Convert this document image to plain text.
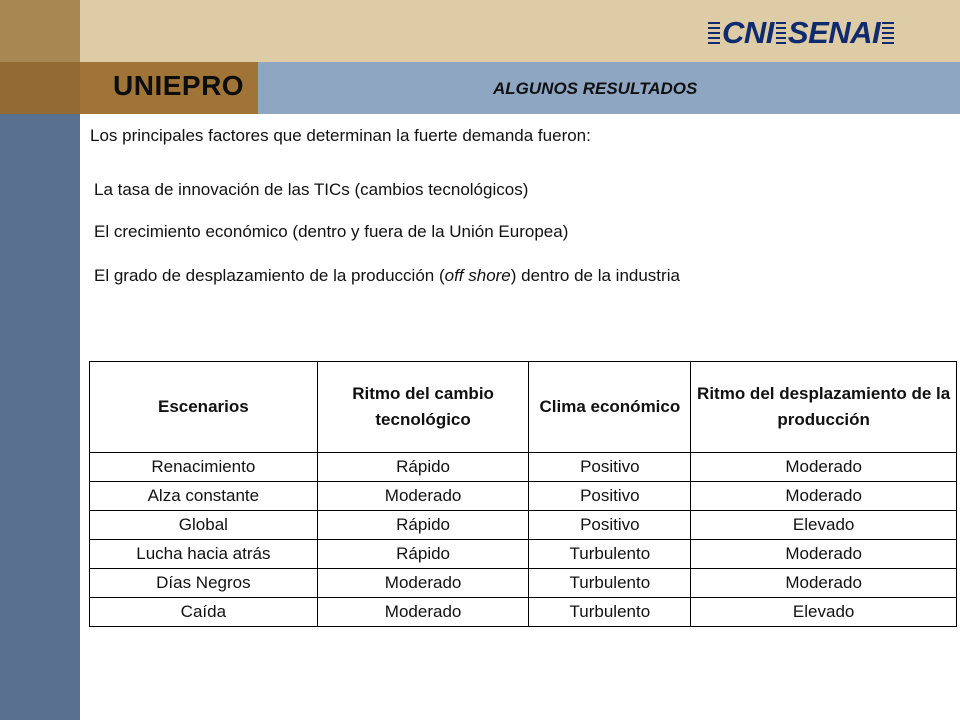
CNI SENAI
UNIEPRO	ALGUNOS RESULTADOS
Los principales factores que determinan la fuerte demanda fueron:
La tasa de innovación de las TICs (cambios tecnológicos)
El crecimiento económico (dentro y fuera de la Unión Europea)
El grado de desplazamiento de la producción (off shore) dentro de la industria
Escenarios	Ritmo del cambio tecnológico	Clima económico	Ritmo del desplazamiento de la producción
Renacimiento	Rápido	Positivo	Moderado
Alza constante	Moderado	Positivo	Moderado
Global	Rápido	Positivo	Elevado
Lucha hacia atrás	Rápido	Turbulento	Moderado
Días Negros	Moderado	Turbulento	Moderado
Caída	Moderado	Turbulento	Elevado
